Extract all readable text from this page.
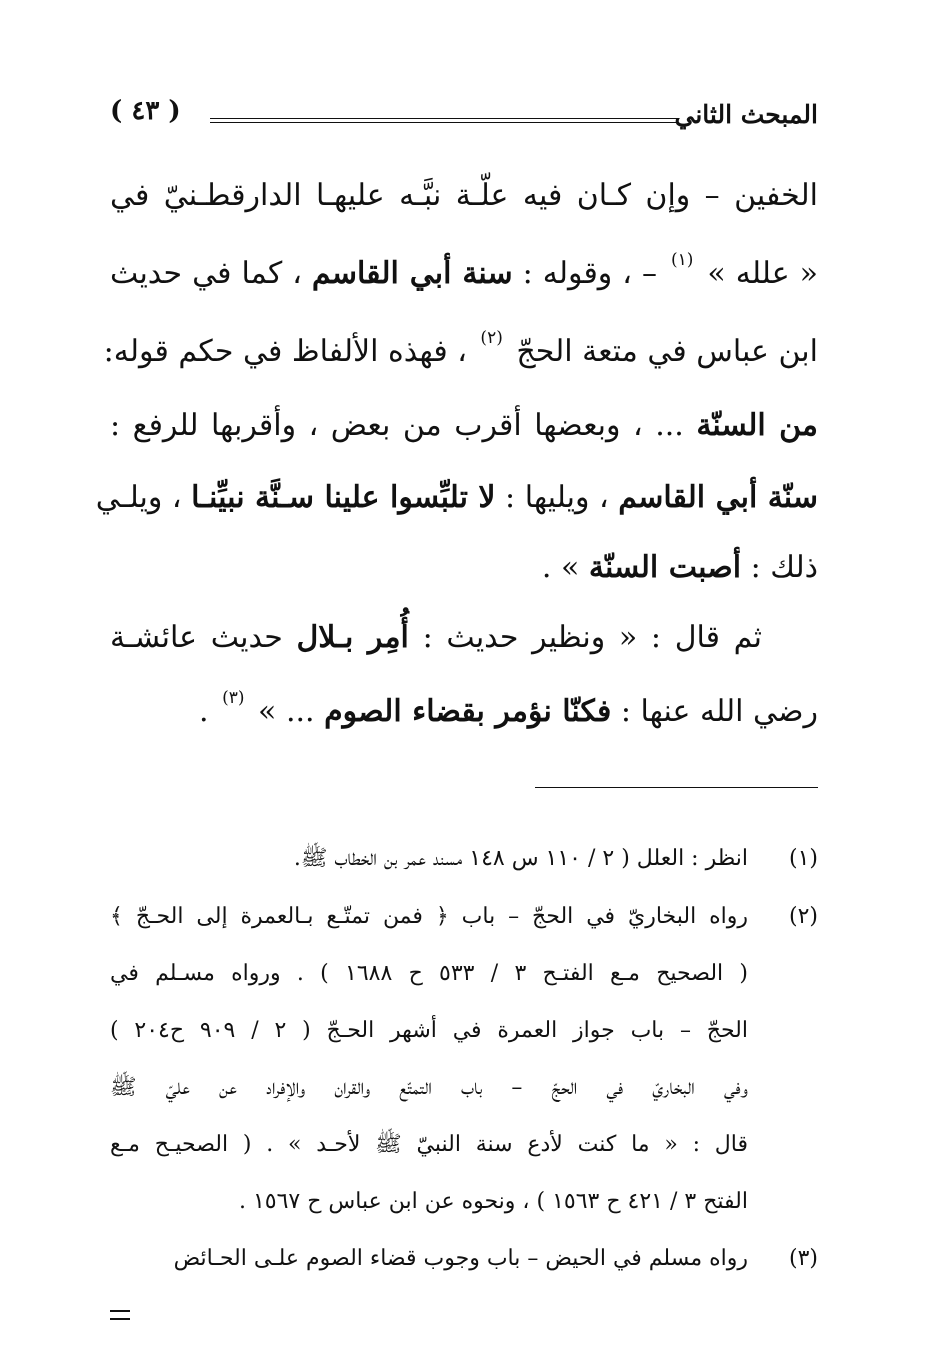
المبحث الثاني
( ٤٣ )
الخفين – وإن كـان فيه علّـة نبَّـه عليهـا الدارقطـنيّ في
« علله » $^{(١)}$ – ، وقوله : سنة أبي القاسم ، كما في حديث
ابن عباس في متعة الحجّ $^{(٢)}$ ، فهذه الألفاظ في حكم قوله:
من السنّة ... ، وبعضها أقرب من بعض ، وأقربها للرفع :
سنّة أبي القاسم ، ويليها : لا تلبِّسوا علينا سـنَّة نبيِّنـا ، ويلـي
ذلك : أصبت السنّة » .
ثم قال : « ونظير حديث : أُمِر بـلال حديث عائشـة
رضي الله عنها : فكنّا نؤمر بقضاء الصوم ... » $^{(٣)}$ .
(١)
انظر : العلل ( ٢ / ١١٠ س ١٤٨ مسند عمر بن الخطاب ﷺ.
(٢)
رواه البخاريّ في الحجّ – باب ﴿ فمن تمتّـع بـالعمرة إلى الحـجّ ﴾
( الصحيح مـع الفتـح ٣ / ٥٣٣ ح ١٦٨٨ ) . ورواه مسـلم في
الحجّ – باب جواز العمرة في أشهر الحـجّ ( ٢ / ٩٠٩ ح٢٠٤ )
وفي البخاريّ في الحجّ – باب التمتّع والقران والإفراد عن عليّ ﷺ
قال : « ما كنت لأدع سنة النبيّ ﷺ لأحـد » . ( الصحيـح مـع
الفتح ٣ / ٤٢١ ح ١٥٦٣ ) ، ونحوه عن ابن عباس ح ١٥٦٧ .
(٣)
رواه مسلم في الحيض – باب وجوب قضاء الصوم علـى الحـائض
